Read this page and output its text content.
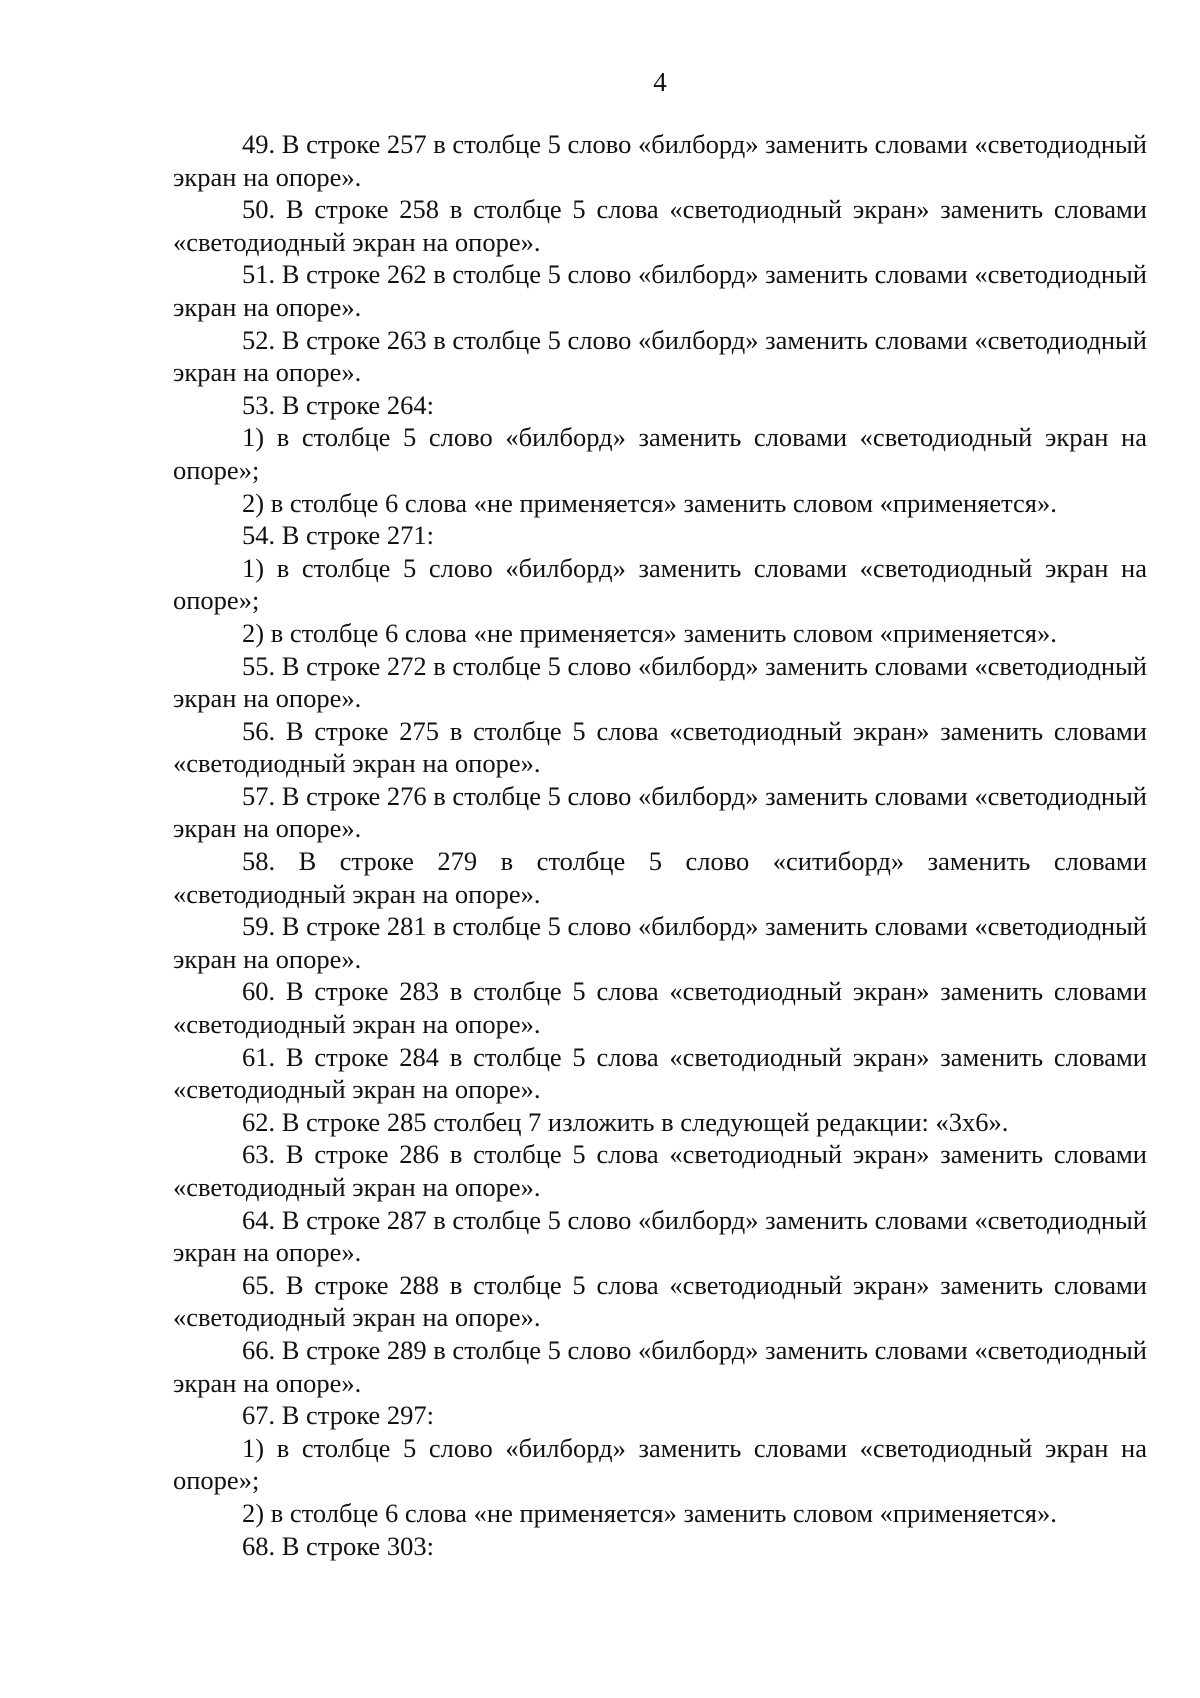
4

49. В строке 257 в столбце 5 слово «билборд» заменить словами «светодиодный экран на опоре».

50. В строке 258 в столбце 5 слова «светодиодный экран» заменить словами «светодиодный экран на опоре».

51. В строке 262 в столбце 5 слово «билборд» заменить словами «светодиодный экран на опоре».

52. В строке 263 в столбце 5 слово «билборд» заменить словами «светодиодный экран на опоре».

53. В строке 264:

1) в столбце 5 слово «билборд» заменить словами «светодиодный экран на опоре»;

2) в столбце 6 слова «не применяется» заменить словом «применяется».

54. В строке 271:

1) в столбце 5 слово «билборд» заменить словами «светодиодный экран на опоре»;

2) в столбце 6 слова «не применяется» заменить словом «применяется».

55. В строке 272 в столбце 5 слово «билборд» заменить словами «светодиодный экран на опоре».

56. В строке 275 в столбце 5 слова «светодиодный экран» заменить словами «светодиодный экран на опоре».

57. В строке 276 в столбце 5 слово «билборд» заменить словами «светодиодный экран на опоре».

58. В строке 279 в столбце 5 слово «ситиборд» заменить словами «светодиодный экран на опоре».

59. В строке 281 в столбце 5 слово «билборд» заменить словами «светодиодный экран на опоре».

60. В строке 283 в столбце 5 слова «светодиодный экран» заменить словами «светодиодный экран на опоре».

61. В строке 284 в столбце 5 слова «светодиодный экран» заменить словами «светодиодный экран на опоре».

62. В строке 285 столбец 7 изложить в следующей редакции: «3x6».

63. В строке 286 в столбце 5 слова «светодиодный экран» заменить словами «светодиодный экран на опоре».

64. В строке 287 в столбце 5 слово «билборд» заменить словами «светодиодный экран на опоре».

65. В строке 288 в столбце 5 слова «светодиодный экран» заменить словами «светодиодный экран на опоре».

66. В строке 289 в столбце 5 слово «билборд» заменить словами «светодиодный экран на опоре».

67. В строке 297:

1) в столбце 5 слово «билборд» заменить словами «светодиодный экран на опоре»;

2) в столбце 6 слова «не применяется» заменить словом «применяется».

68. В строке 303:
